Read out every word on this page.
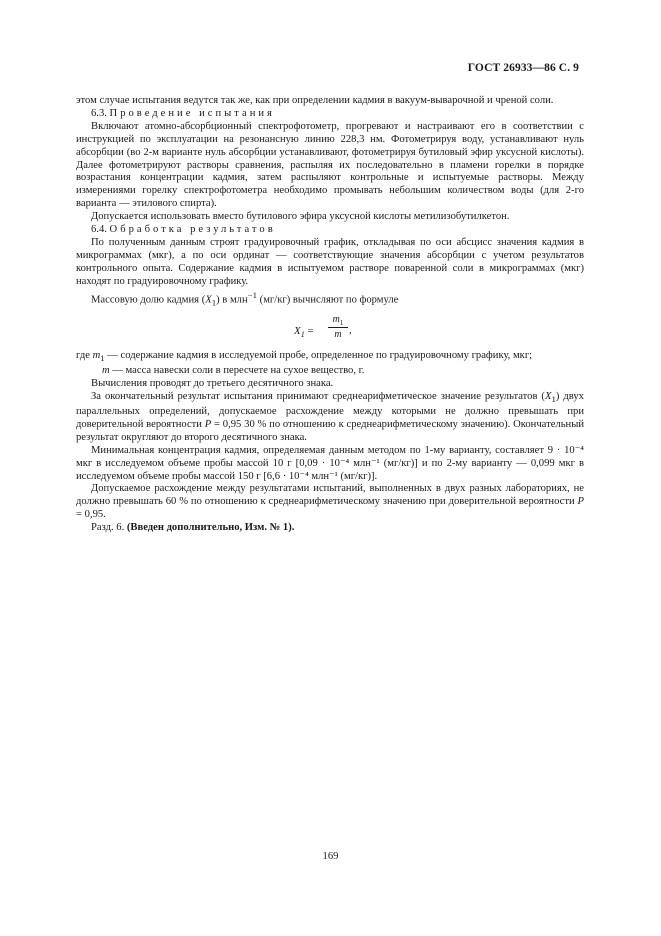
ГОСТ 26933—86 С. 9

этом случае испытания ведутся так же, как при определении кадмия в вакуум-выварочной и чреной соли.

6.3. Проведение испытания

Включают атомно-абсорбционный спектрофотометр, прогревают и настраивают его в соответствии с инструкцией по эксплуатации на резонансную линию 228,3 нм. Фотометрируя воду, устанавливают нуль абсорбции (во 2-м варианте нуль абсорбции устанавливают, фотометрируя бутиловый эфир уксусной кислоты). Далее фотометрируют растворы сравнения, распыляя их последовательно в пламени горелки в порядке возрастания концентрации кадмия, затем распыляют контрольные и испытуемые растворы. Между измерениями горелку спектрофотометра необходимо промывать небольшим количеством воды (для 2-го варианта — этилового спирта).

Допускается использовать вместо бутилового эфира уксусной кислоты метилизобутилкетон.

6.4. Обработка результатов

По полученным данным строят градуировочный график, откладывая по оси абсцисс значения кадмия в микрограммах (мкг), а по оси ординат — соответствующие значения абсорбции с учетом результатов контрольного опыта. Содержание кадмия в испытуемом растворе поваренной соли в микрограммах (мкг) находят по градуировочному графику.

Массовую долю кадмия $(X_1)$ в млн$^{-1}$ (мг/кг) вычисляют по формуле

$X_1$ =
$m_1$
m ,

где $m_1$ — содержание кадмия в исследуемой пробе, определенное по градуировочному графику, мкг;

m — масса навески соли в пересчете на сухое вещество, г.

Вычисления проводят до третьего десятичного знака.

За окончательный результат испытания принимают среднеарифметическое значение результатов $(X_1)$ двух параллельных определений, допускаемое расхождение между которыми не должно превышать при доверительной вероятности P = 0,95 30 % по отношению к среднеарифметическому значению). Окончательный результат округляют до второго десятичного знака.

Минимальная концентрация кадмия, определяемая данным методом по 1-му варианту, составляет 9 · 10⁻⁴ мкг в исследуемом объеме пробы массой 10 г [0,09 · 10⁻⁴ млн⁻¹ (мг/кг)] и по 2-му варианту — 0,099 мкг в исследуемом объеме пробы массой 150 г [6,6 · 10⁻⁴ млн⁻¹ (мг/кг)].

Допускаемое расхождение между результатами испытаний, выполненных в двух разных лабораториях, не должно превышать 60 % по отношению к среднеарифметическому значению при доверительной вероятности P = 0,95.

Разд. 6. (Введен дополнительно, Изм. № 1).

169
